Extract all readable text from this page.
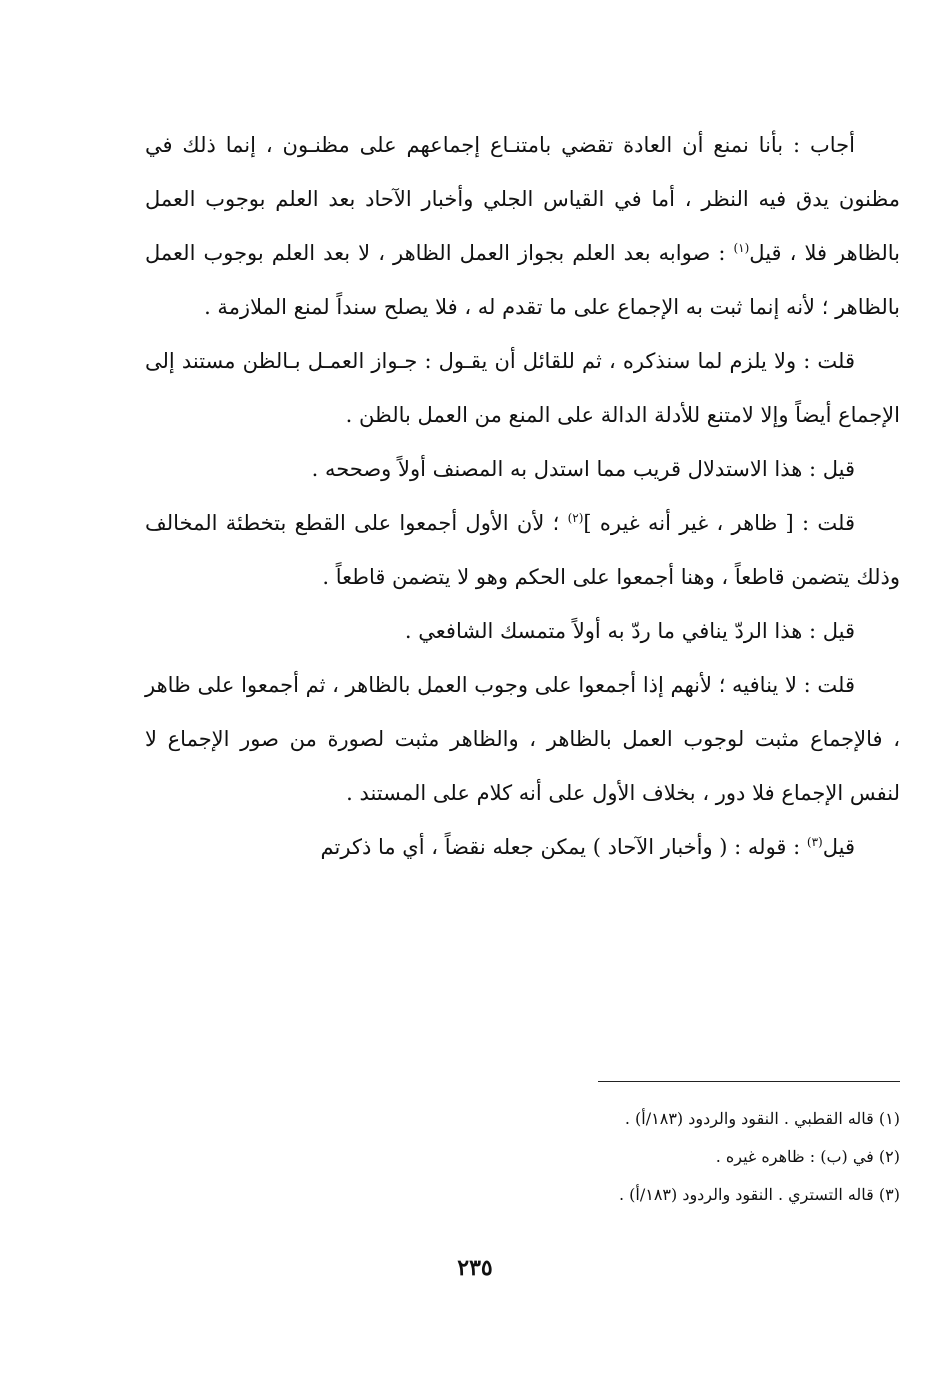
أجاب : بأنا نمنع أن العادة تقضي بامتنـاع إجماعهم على مظنـون ، إنما ذلك في مظنون يدق فيه النظر ، أما في القياس الجلي وأخبار الآحاد بعد العلم بوجوب العمل بالظاهر فلا ، قيل$^{(١)}$ : صوابه بعد العلم بجواز العمل الظاهر ، لا بعد العلم بوجوب العمل بالظاهر ؛ لأنه إنما ثبت به الإجماع على ما تقدم له ، فلا يصلح سنداً لمنع الملازمة .

قلت : ولا يلزم لما سنذكره ، ثم للقائل أن يقـول : جـواز العمـل بـالظن مستند إلى الإجماع أيضاً وإلا لامتنع للأدلة الدالة على المنع من العمل بالظن .

قيل : هذا الاستدلال قريب مما استدل به المصنف أولاً وصححه .

قلت : [ ظاهر ، غير أنه غيره ]$^{(٢)}$ ؛ لأن الأول أجمعوا على القطع بتخطئة المخالف وذلك يتضمن قاطعاً ، وهنا أجمعوا على الحكم وهو لا يتضمن قاطعاً .

قيل : هذا الردّ ينافي ما ردّ به أولاً متمسك الشافعي .

قلت : لا ينافيه ؛ لأنهم إذا أجمعوا على وجوب العمل بالظاهر ، ثم أجمعوا على ظاهر ، فالإجماع مثبت لوجوب العمل بالظاهر ، والظاهر مثبت لصورة من صور الإجماع لا لنفس الإجماع فلا دور ، بخلاف الأول على أنه كلام على المستند .

قيل$^{(٣)}$ : قوله : ( وأخبار الآحاد ) يمكن جعله نقضاً ، أي ما ذكرتم

(١) قاله القطبي . النقود والردود (١٨٣/أ) .

(٢) في (ب) : ظاهره غيره .

(٣) قاله التستري . النقود والردود (١٨٣/أ) .

٢٣٥
